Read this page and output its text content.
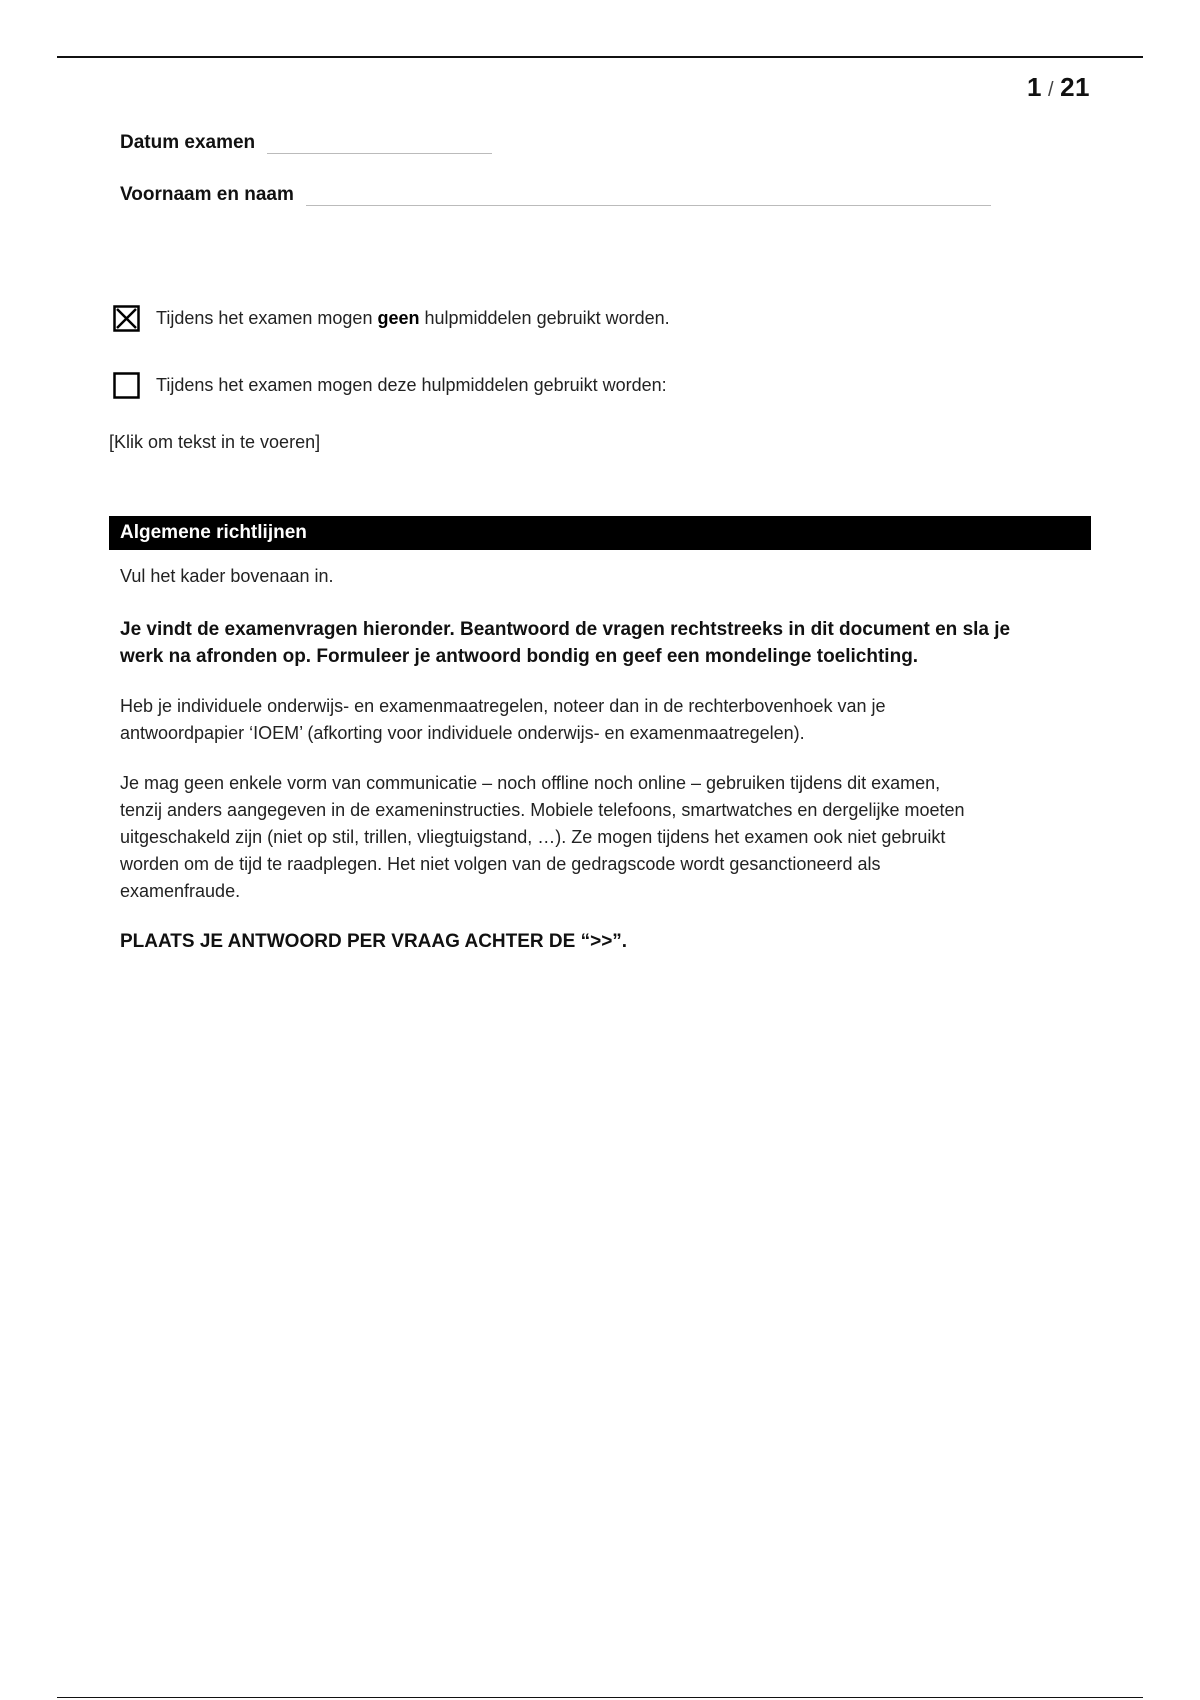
1 / 21
Datum examen
Voornaam en naam
Tijdens het examen mogen geen hulpmiddelen gebruikt worden.
Tijdens het examen mogen deze hulpmiddelen gebruikt worden:
[Klik om tekst in te voeren]
Algemene richtlijnen
Vul het kader bovenaan in.
Je vindt de examenvragen hieronder. Beantwoord de vragen rechtstreeks in dit document en sla je
werk na afronden op. Formuleer je antwoord bondig en geef een mondelinge toelichting.
Heb je individuele onderwijs- en examenmaatregelen, noteer dan in de rechterbovenhoek van je
antwoordpapier ‘IOEM’ (afkorting voor individuele onderwijs- en examenmaatregelen).
Je mag geen enkele vorm van communicatie – noch offline noch online – gebruiken tijdens dit examen,
tenzij anders aangegeven in de exameninstructies. Mobiele telefoons, smartwatches en dergelijke moeten
uitgeschakeld zijn (niet op stil, trillen, vliegtuigstand, …). Ze mogen tijdens het examen ook niet gebruikt
worden om de tijd te raadplegen. Het niet volgen van de gedragscode wordt gesanctioneerd als
examenfraude.
PLAATS JE ANTWOORD PER VRAAG ACHTER DE “>>”.
